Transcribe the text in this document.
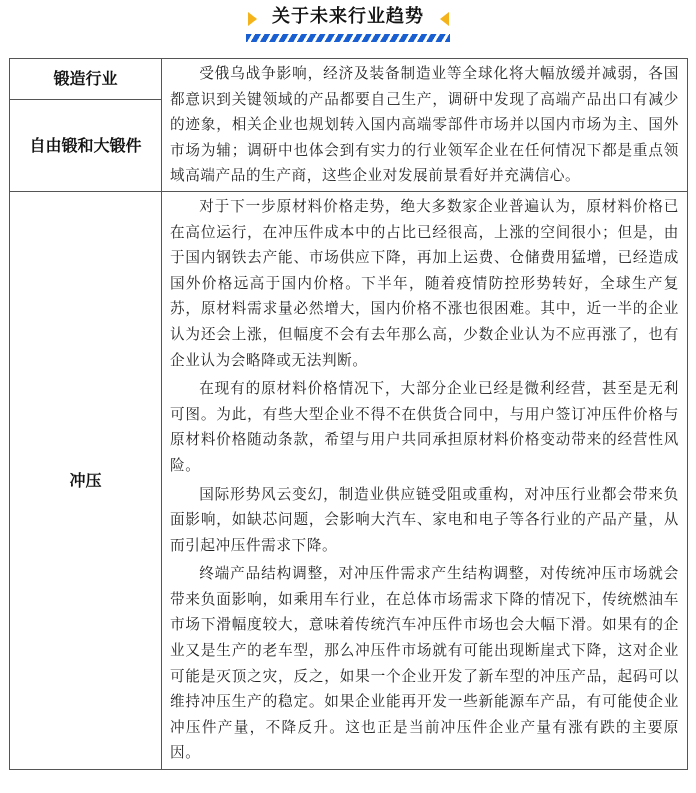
关于未来行业趋势
锻造行业	受俄乌战争影响，经济及装备制造业等全球化将大幅放缓并减弱，各国都意识到关键领域的产品都要自己生产，调研中发现了高端产品出口有减少的迹象，相关企业也规划转入国内高端零部件市场并以国内市场为主、国外市场为辅；调研中也体会到有实力的行业领军企业在任何情况下都是重点领域高端产品的生产商，这些企业对发展前景看好并充满信心。

自由锻和大锻件	
冲压	对于下一步原材料价格走势，绝大多数家企业普遍认为，原材料价格已在高位运行，在冲压件成本中的占比已经很高，上涨的空间很小；但是，由于国内钢铁去产能、市场供应下降，再加上运费、仓储费用猛增，已经造成国外价格远高于国内价格。下半年，随着疫情防控形势转好，全球生产复苏，原材料需求量必然增大，国内价格不涨也很困难。其中，近一半的企业认为还会上涨，但幅度不会有去年那么高，少数企业认为不应再涨了，也有企业认为会略降或无法判断。

在现有的原材料价格情况下，大部分企业已经是微利经营，甚至是无利可图。为此，有些大型企业不得不在供货合同中，与用户签订冲压件价格与原材料价格随动条款，希望与用户共同承担原材料价格变动带来的经营性风险。

国际形势风云变幻，制造业供应链受阻或重构，对冲压行业都会带来负面影响，如缺芯问题，会影响大汽车、家电和电子等各行业的产品产量，从而引起冲压件需求下降。

终端产品结构调整，对冲压件需求产生结构调整，对传统冲压市场就会带来负面影响，如乘用车行业，在总体市场需求下降的情况下，传统燃油车市场下滑幅度较大，意味着传统汽车冲压件市场也会大幅下滑。如果有的企业又是生产的老车型，那么冲压件市场就有可能出现断崖式下降，这对企业可能是灭顶之灾，反之，如果一个企业开发了新车型的冲压产品，起码可以维持冲压生产的稳定。如果企业能再开发一些新能源车产品，有可能使企业冲压件产量，不降反升。这也正是当前冲压件企业产量有涨有跌的主要原因。
